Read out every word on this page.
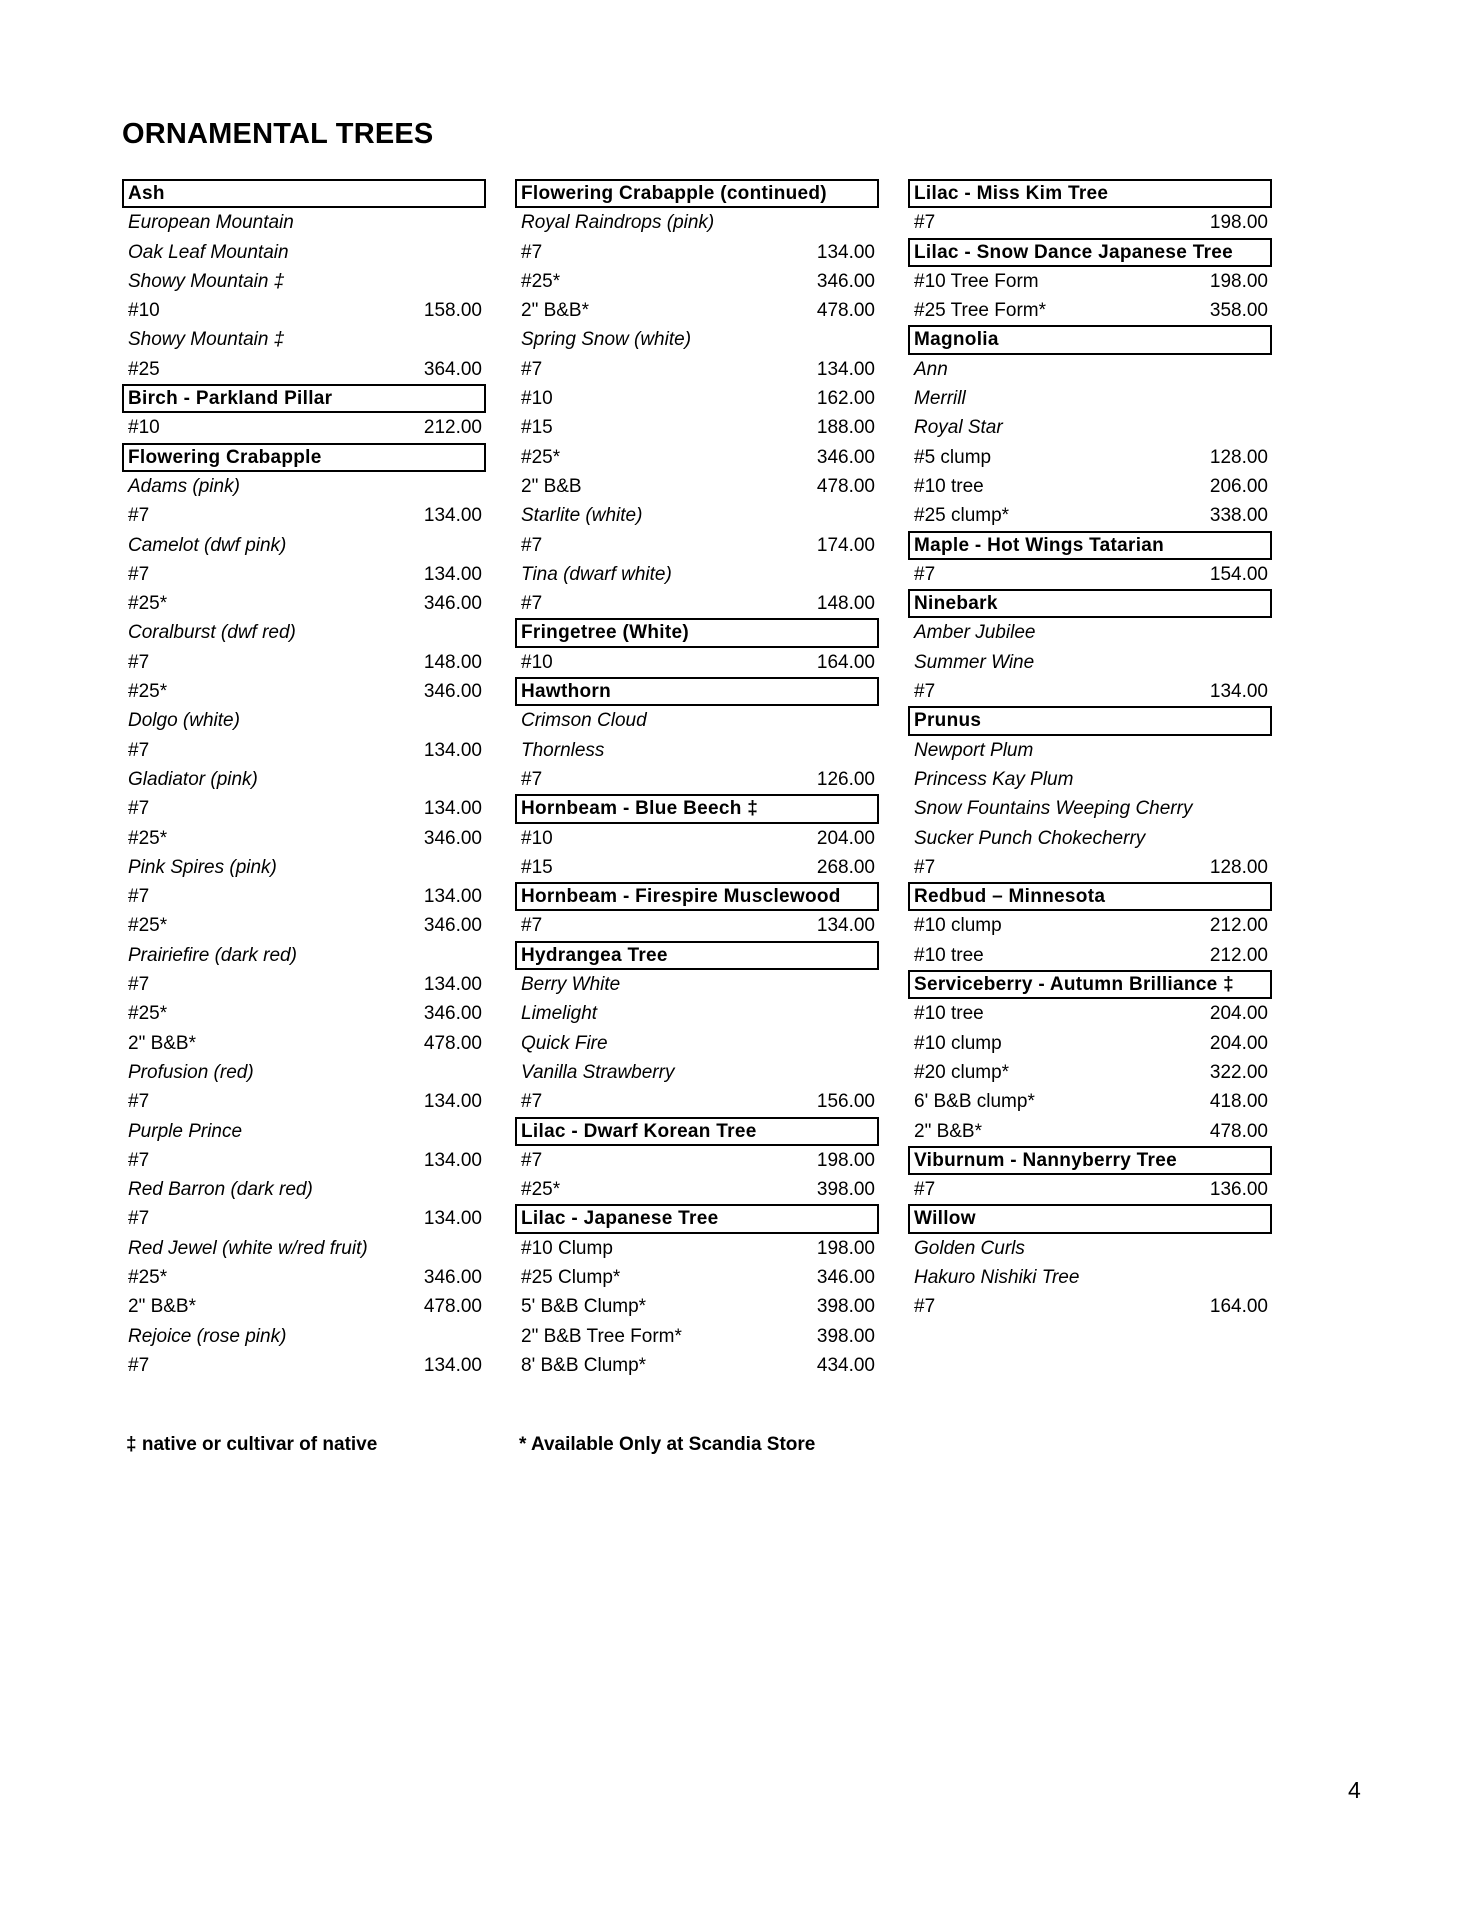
ORNAMENTAL TREES
Ash
European Mountain
Oak Leaf Mountain
Showy Mountain ‡
#10	158.00
Showy Mountain ‡
#25	364.00
Birch - Parkland Pillar
#10	212.00
Flowering Crabapple
Adams (pink)
#7	134.00
Camelot (dwf pink)
#7	134.00
#25*	346.00
Coralburst (dwf red)
#7	148.00
#25*	346.00
Dolgo (white)
#7	134.00
Gladiator (pink)
#7	134.00
#25*	346.00
Pink Spires (pink)
#7	134.00
#25*	346.00
Prairiefire (dark red)
#7	134.00
#25*	346.00
2" B&B*	478.00
Profusion (red)
#7	134.00
Purple Prince
#7	134.00
Red Barron (dark red)
#7	134.00
Red Jewel (white w/red fruit)
#25*	346.00
2" B&B*	478.00
Rejoice (rose pink)
#7	134.00
Flowering Crabapple (continued)
Royal Raindrops (pink)
#7	134.00
#25*	346.00
2" B&B*	478.00
Spring Snow (white)
#7	134.00
#10	162.00
#15	188.00
#25*	346.00
2" B&B	478.00
Starlite (white)
#7	174.00
Tina (dwarf white)
#7	148.00
Fringetree (White)
#10	164.00
Hawthorn
Crimson Cloud
Thornless
#7	126.00
Hornbeam - Blue Beech ‡
#10	204.00
#15	268.00
Hornbeam - Firespire Musclewood
#7	134.00
Hydrangea Tree
Berry White
Limelight
Quick Fire
Vanilla Strawberry
#7	156.00
Lilac - Dwarf Korean Tree
#7	198.00
#25*	398.00
Lilac - Japanese Tree
#10 Clump	198.00
#25 Clump*	346.00
5' B&B Clump*	398.00
2" B&B Tree Form*	398.00
8' B&B Clump*	434.00
Lilac - Miss Kim Tree
#7	198.00
Lilac - Snow Dance Japanese Tree
#10 Tree Form	198.00
#25 Tree Form*	358.00
Magnolia
Ann
Merrill
Royal Star
#5 clump	128.00
#10 tree	206.00
#25 clump*	338.00
Maple - Hot Wings Tatarian
#7	154.00
Ninebark
Amber Jubilee
Summer Wine
#7	134.00
Prunus
Newport Plum
Princess Kay Plum
Snow Fountains Weeping Cherry
Sucker Punch Chokecherry
#7	128.00
Redbud – Minnesota
#10 clump	212.00
#10 tree	212.00
Serviceberry - Autumn Brilliance ‡
#10 tree	204.00
#10 clump	204.00
#20 clump*	322.00
6' B&B clump*	418.00
2" B&B*	478.00
Viburnum - Nannyberry Tree
#7	136.00
Willow
Golden Curls
Hakuro Nishiki Tree
#7	164.00

‡ native or cultivar of native	* Available Only at Scandia Store

4
